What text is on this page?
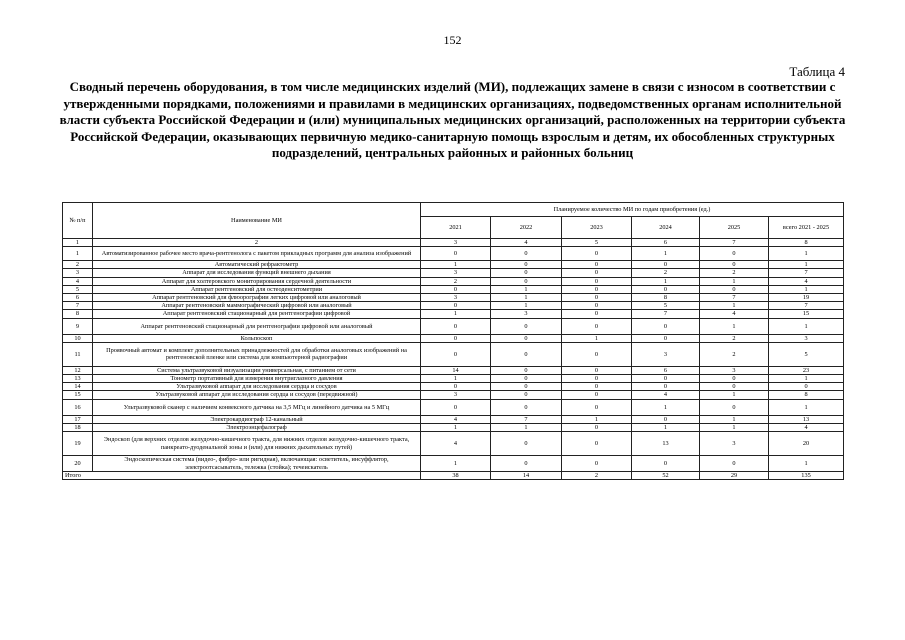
152
Таблица 4
Сводный перечень оборудования, в том числе медицинских изделий (МИ), подлежащих замене в связи с износом в соответствии с утвержденными порядками, положениями и правилами в медицинских организациях, подведомственных органам исполнительной власти субъекта Российской Федерации и (или) муниципальных медицинских организаций, расположенных на территории субъекта Российской Федерации, оказывающих первичную медико-санитарную помощь взрослым и детям, их обособленных структурных подразделений, центральных районных и районных больниц
№ п/п	Наименование МИ	Планируемое количество МИ по годам приобретения (ед.)					
		2021	2022	2023	2024	2025	всего 2021 - 2025
1	2	3	4	5	6	7	8
1	Автоматизированное рабочее место врача-рентгенолога с пакетом прикладных программ для анализа изображений	0	0	0	1	0	1
2	Автоматический рефрактометр	1	0	0	0	0	1
3	Аппарат для исследования функций внешнего дыхания	3	0	0	2	2	7
4	Аппарат для холтеровского мониторирования сердечной деятельности	2	0	0	1	1	4
5	Аппарат рентгеновский для остеоденситометрии	0	1	0	0	0	1
6	Аппарат рентгеновский для флюорографии легких цифровой или аналоговый	3	1	0	8	7	19
7	Аппарат рентгеновский маммографический цифровой или аналоговый	0	1	0	5	1	7
8	Аппарат рентгеновский стационарный для рентгенографии цифровой	1	3	0	7	4	15
9	Аппарат рентгеновский стационарный для рентгенографии цифровой или аналоговый	0	0	0	0	1	1
10	Кольпоскоп	0	0	1	0	2	3
11	Проявочный автомат и комплект дополнительных принадлежностей для обработки аналоговых изображений на рентгеновской пленке или система для компьютерной радиографии	0	0	0	3	2	5
12	Система ультразвуковой визуализации универсальная, с питанием от сети	14	0	0	6	3	23
13	Тонометр портативный для измерения внутриглазного давления	1	0	0	0	0	1
14	Ультразвуковой аппарат для исследования сердца и сосудов	0	0	0	0	0	0
15	Ультразвуковой аппарат для исследования сердца и сосудов (передвижной)	3	0	0	4	1	8
16	Ультразвуковой сканер с наличием конвексного датчика на 3,5 МГц и линейного датчика на 5 МГц	0	0	0	1	0	1
17	Электрокардиограф 12-канальный	4	7	1	0	1	13
18	Электроэнцефалограф	1	1	0	1	1	4
19	Эндоскоп (для верхних отделов желудочно-кишечного тракта, для нижних отделов желудочно-кишечного тракта, панкреато-дуоденальной зоны и (или) для нижних дыхательных путей)	4	0	0	13	3	20
20	Эндоскопическая система (видео-, фибро- или ригидная), включающая: осветитель, инсуффлятор, электроотсасыватель, тележка (стойка); течеискатель	1	0	0	0	0	1
Итого		38	14	2	52	29	135
